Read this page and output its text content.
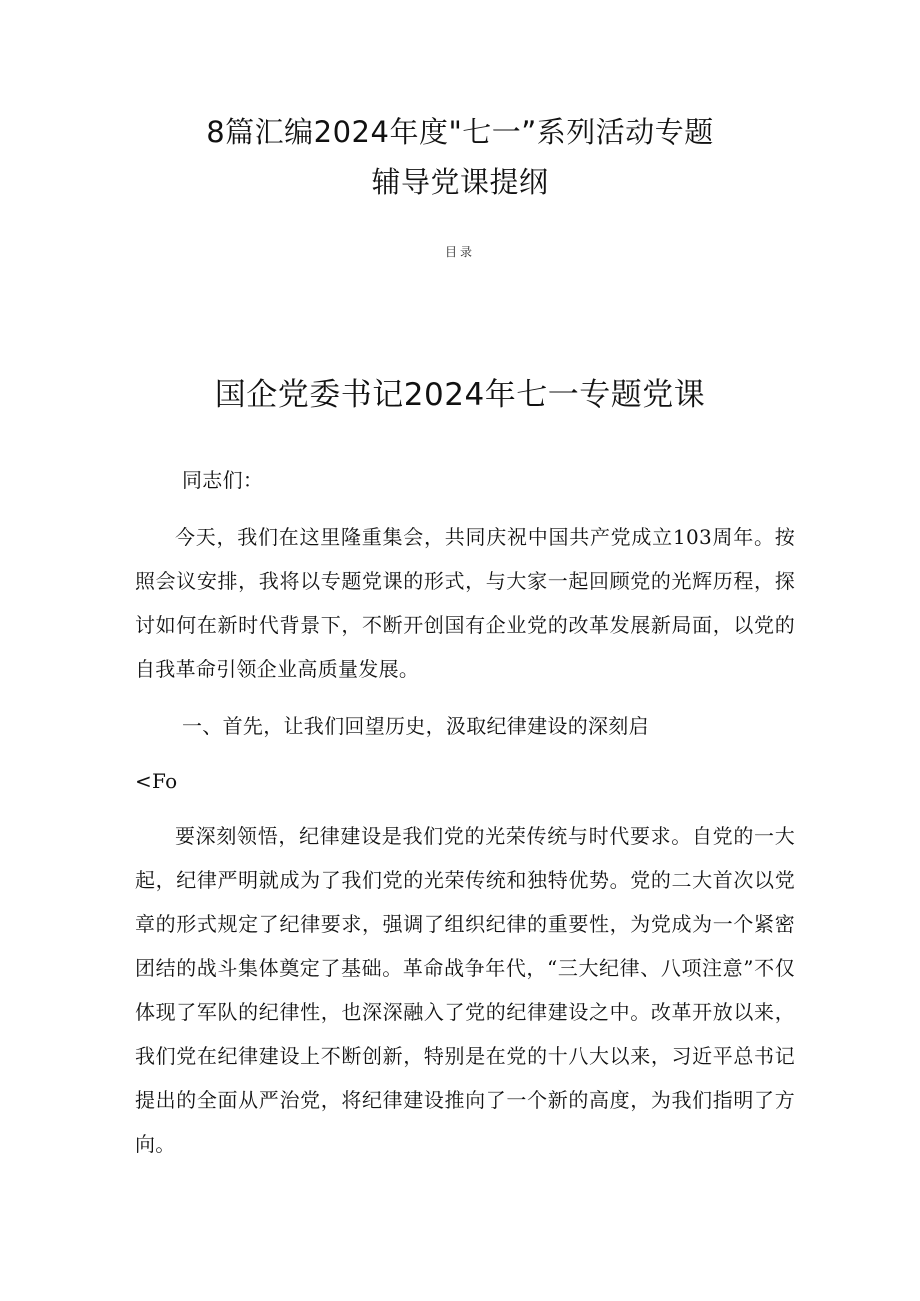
8篇汇编2024年度"七一”系列活动专题
辅导党课提纲
目录
国企党委书记2024年七一专题党课
同志们：
今天，我们在这里隆重集会，共同庆祝中国共产党成立103周年。按照会议安排，我将以专题党课的形式，与大家一起回顾党的光辉历程，探讨如何在新时代背景下，不断开创国有企业党的改革发展新局面，以党的自我革命引领企业高质量发展。
一、首先，让我们回望历史，汲取纪律建设的深刻启
<Fo
要深刻领悟，纪律建设是我们党的光荣传统与时代要求。自党的一大起，纪律严明就成为了我们党的光荣传统和独特优势。党的二大首次以党章的形式规定了纪律要求，强调了组织纪律的重要性，为党成为一个紧密团结的战斗集体奠定了基础。革命战争年代，“三大纪律、八项注意”不仅体现了军队的纪律性，也深深融入了党的纪律建设之中。改革开放以来，我们党在纪律建设上不断创新，特别是在党的十八大以来，习近平总书记提出的全面从严治党，将纪律建设推向了一个新的高度，为我们指明了方向。
